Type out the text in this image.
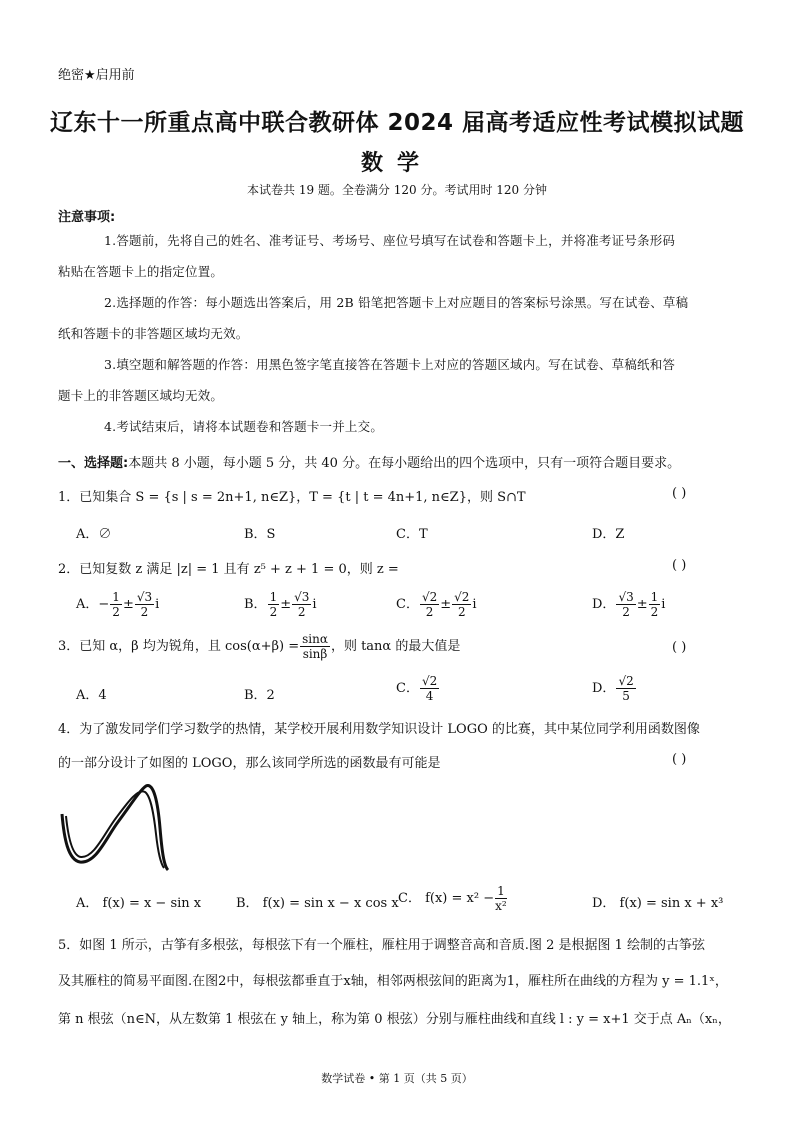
绝密★启用前
辽东十一所重点高中联合教研体 2024 届高考适应性考试模拟试题
数学
本试卷共 19 题。全卷满分 120 分。考试用时 120 分钟
注意事项:
1.答题前，先将自己的姓名、准考证号、考场号、座位号填写在试卷和答题卡上，并将准考证号条形码
粘贴在答题卡上的指定位置。
2.选择题的作答：每小题选出答案后，用 2B 铅笔把答题卡上对应题目的答案标号涂黑。写在试卷、草稿
纸和答题卡的非答题区域均无效。
3.填空题和解答题的作答：用黑色签字笔直接答在答题卡上对应的答题区域内。写在试卷、草稿纸和答
题卡上的非答题区域均无效。
4.考试结束后，请将本试题卷和答题卡一并上交。
一、选择题:本题共 8 小题，每小题 5 分，共 40 分。在每小题给出的四个选项中，只有一项符合题目要求。
1．已知集合 S = {s | s = 2n+1, n∈Z}，T = {t | t = 4n+1, n∈Z}，则 S∩T	( )
A．∅	B．S	C．T	D．Z
2．已知复数 z 满足 |z| = 1 且有 z⁵ + z + 1 = 0，则 z =	( )
A．− $\frac{1}{2} \pm \frac{√3}{2}$ i	B． $\frac{1}{2} \pm \frac{√3}{2}$ i	C． $\frac{√2}{2} \pm \frac{√2}{2}$ i	D． $\frac{√3}{2} \pm \frac{1}{2}$ i
3．已知 α，β 均为锐角，且 $\cos(\alpha+\beta) = \frac{\sin\alpha}{\sin\beta}$ ，则 tanα 的最大值是	( )
A．4	B．2	C． $\frac{√2}{4}$	D． $\frac{√2}{5}$
4．为了激发同学们学习数学的热情，某学校开展利用数学知识设计 LOGO 的比赛，其中某位同学利用函数图像
的一部分设计了如图的 LOGO，那么该同学所选的函数最有可能是	( )
A． f(x) = x − sin x	B． f(x) = sin x − x cos x C． $f(x) = x^2 - \frac{1}{\text{x²}}$	D． f(x) = sin x + x³
5．如图 1 所示，古筝有多根弦，每根弦下有一个雁柱，雁柱用于调整音高和音质.图 2 是根据图 1 绘制的古筝弦
及其雁柱的简易平面图.在图2中，每根弦都垂直于x轴，相邻两根弦间的距离为1，雁柱所在曲线的方程为 y = 1.1ˣ，
第 n 根弦（n∈N，从左数第 1 根弦在 y 轴上，称为第 0 根弦）分别与雁柱曲线和直线 l : y = x+1 交于点 Aₙ（xₙ，
数学试卷 • 第 1 页（共 5 页）
